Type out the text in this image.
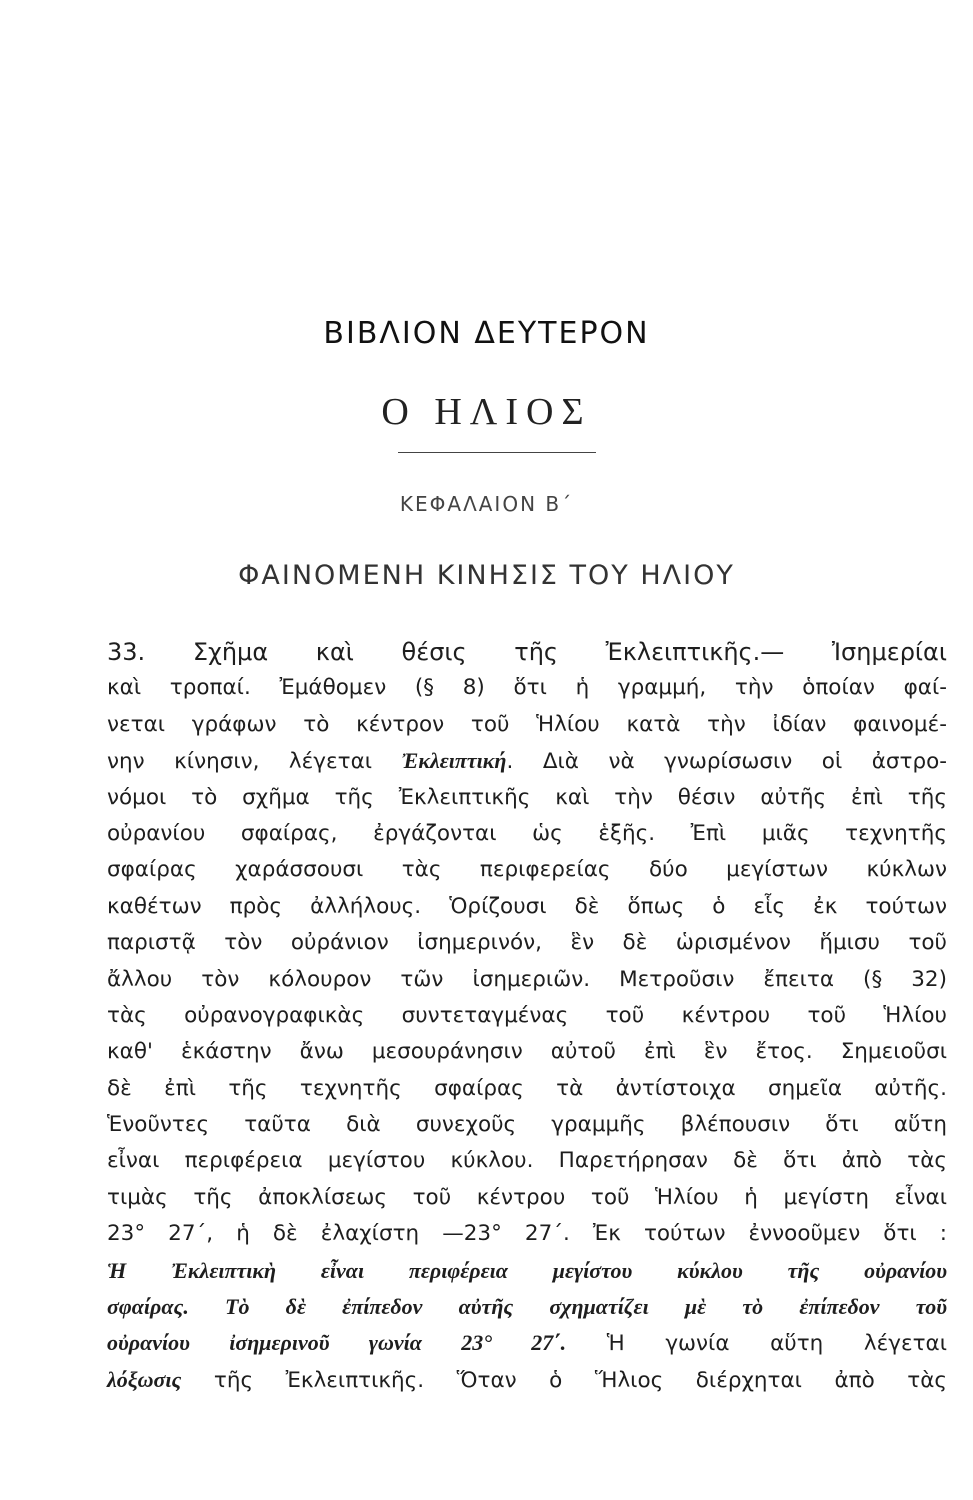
ΒΙΒΛΙΟΝ ΔΕΥΤΕΡΟΝ
Ο ΗΛΙΟΣ
ΚΕΦΑΛΑΙΟΝ Β΄
ΦΑΙΝΟΜΕΝΗ ΚΙΝΗΣΙΣ ΤΟΥ ΗΛΙΟΥ
33. Σχῆμα καὶ θέσις τῆς Ἐκλειπτικῆς.— Ἰσημερίαι
καὶ τροπαί. Ἐμάθομεν (§ 8) ὅτι ἡ γραμμή, τὴν ὁποίαν φαί-
νεται γράφων τὸ κέντρον τοῦ Ἡλίου κατὰ τὴν ἰδίαν φαινομέ-
νην κίνησιν, λέγεται Ἐκλειπτική. Διὰ νὰ γνωρίσωσιν οἱ ἀστρο-
νόμοι τὸ σχῆμα τῆς Ἐκλειπτικῆς καὶ τὴν θέσιν αὐτῆς ἐπὶ τῆς
οὐρανίου σφαίρας, ἐργάζονται ὡς ἑξῆς. Ἐπὶ μιᾶς τεχνητῆς
σφαίρας χαράσσουσι τὰς περιφερείας δύο μεγίστων κύκλων
καθέτων πρὸς ἀλλήλους. Ὁρίζουσι δὲ ὅπως ὁ εἷς ἐκ τούτων
παριστᾷ τὸν οὐράνιον ἰσημερινόν, ἓν δὲ ὡρισμένον ἥμισυ τοῦ
ἄλλου τὸν κόλουρον τῶν ἰσημεριῶν. Μετροῦσιν ἔπειτα (§ 32)
τὰς οὐρανογραφικὰς συντεταγμένας τοῦ κέντρου τοῦ Ἡλίου
καθ' ἑκάστην ἄνω μεσουράνησιν αὐτοῦ ἐπὶ ἓν ἔτος. Σημειοῦσι
δὲ ἐπὶ τῆς τεχνητῆς σφαίρας τὰ ἀντίστοιχα σημεῖα αὐτῆς.
Ἑνοῦντες ταῦτα διὰ συνεχοῦς γραμμῆς βλέπουσιν ὅτι αὕτη
εἶναι περιφέρεια μεγίστου κύκλου. Παρετήρησαν δὲ ὅτι ἀπὸ τὰς
τιμὰς τῆς ἀποκλίσεως τοῦ κέντρου τοῦ Ἡλίου ἡ μεγίστη εἶναι
23° 27΄, ἡ δὲ ἐλαχίστη —23° 27΄. Ἐκ τούτων ἐννοοῦμεν ὅτι :
Ἡ Ἐκλειπτικὴ εἶναι περιφέρεια μεγίστου κύκλου τῆς οὐρανίου
σφαίρας. Τὸ δὲ ἐπίπεδον αὐτῆς σχηματίζει μὲ τὸ ἐπίπεδον τοῦ
οὐρανίου ἰσημερινοῦ γωνία 23° 27΄. Ἡ γωνία αὕτη λέγεται
λόξωσις τῆς Ἐκλειπτικῆς. Ὅταν ὁ Ἥλιος διέρχηται ἀπὸ τὰς
